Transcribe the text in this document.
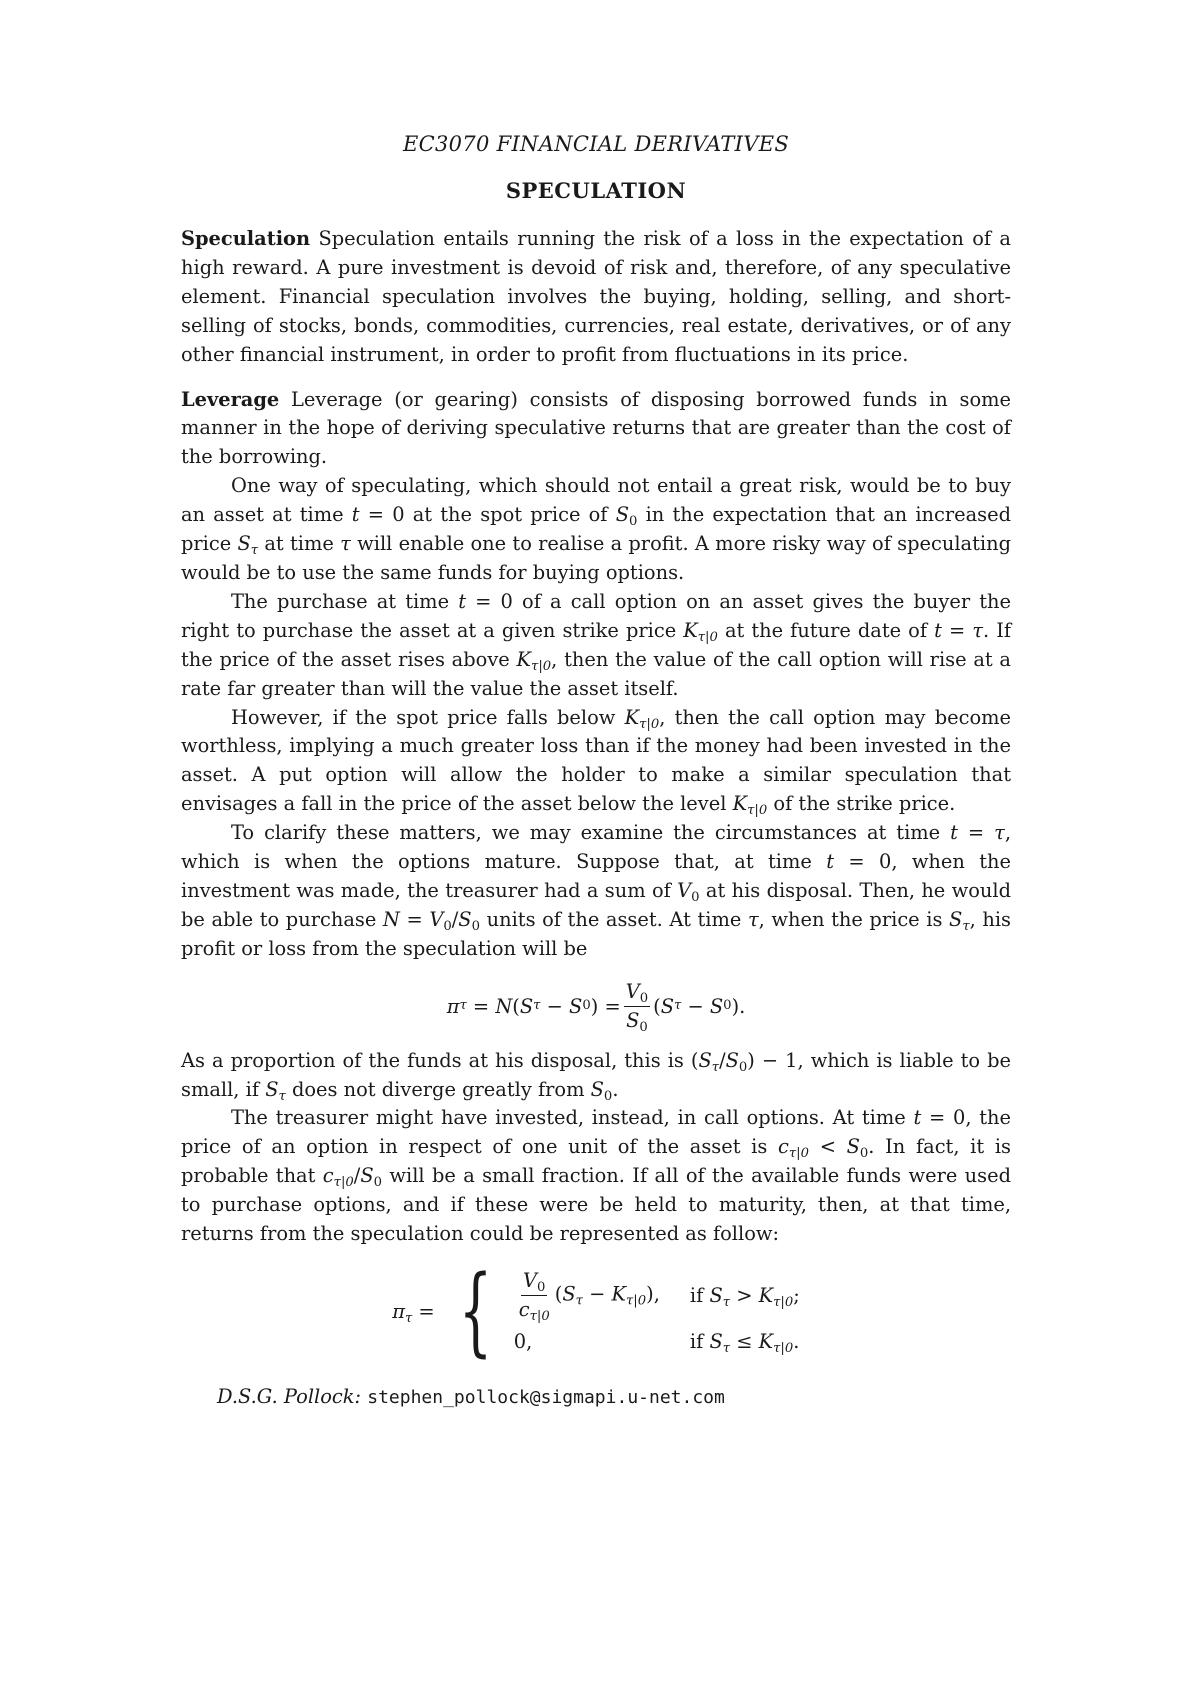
EC3070 FINANCIAL DERIVATIVES
SPECULATION

Speculation Speculation entails running the risk of a loss in the expectation of a high reward. A pure investment is devoid of risk and, therefore, of any speculative element. Financial speculation involves the buying, holding, selling, and short-selling of stocks, bonds, commodities, currencies, real estate, derivatives, or of any other financial instrument, in order to profit from fluctuations in its price.

Leverage Leverage (or gearing) consists of disposing borrowed funds in some manner in the hope of deriving speculative returns that are greater than the cost of the borrowing.

One way of speculating, which should not entail a great risk, would be to buy an asset at time t = 0 at the spot price of $S_0$ in the expectation that an increased price $S_\tau$ at time τ will enable one to realise a profit. A more risky way of speculating would be to use the same funds for buying options.

The purchase at time t = 0 of a call option on an asset gives the buyer the right to purchase the asset at a given strike price $K_{\tau|0}$ at the future date of t = τ. If the price of the asset rises above $K_{\tau|0}$, then the value of the call option will rise at a rate far greater than will the value the asset itself.

However, if the spot price falls below $K_{\tau|0}$, then the call option may become worthless, implying a much greater loss than if the money had been invested in the asset. A put option will allow the holder to make a similar speculation that envisages a fall in the price of the asset below the level $K_{\tau|0}$ of the strike price.

To clarify these matters, we may examine the circumstances at time t = τ, which is when the options mature. Suppose that, at time t = 0, when the investment was made, the treasurer had a sum of $V_0$ at his disposal. Then, he would be able to purchase $N = V_0/S_0$ units of the asset. At time τ, when the price is $S_\tau$, his profit or loss from the speculation will be

π τ = N ( S τ − S 0 ) = $\frac{V_0}{S_0}$ ( S τ − S 0 ).

As a proportion of the funds at his disposal, this is $(S_\tau/S_0) - 1$, which is liable to be small, if $S_\tau$ does not diverge greatly from $S_0$.

The treasurer might have invested, instead, in call options. At time t = 0, the price of an option in respect of one unit of the asset is $c_{\tau|0} < S_0$. In fact, it is probable that $c_{\tau|0}/S_0$ will be a small fraction. If all of the available funds were used to purchase options, and if these were be held to maturity, then, at that time, returns from the speculation could be represented as follow:

$\pi_\tau$ = { $\frac{V_0}{c_{\tau|0}} (S_\tau - K_{\tau|0})$, if $S_\tau > K_{\tau|0}$;
0,	if $S_\tau \le K_{\tau|0}$.
D.S.G. Pollock: stephen_pollock@sigmapi.u-net.com
